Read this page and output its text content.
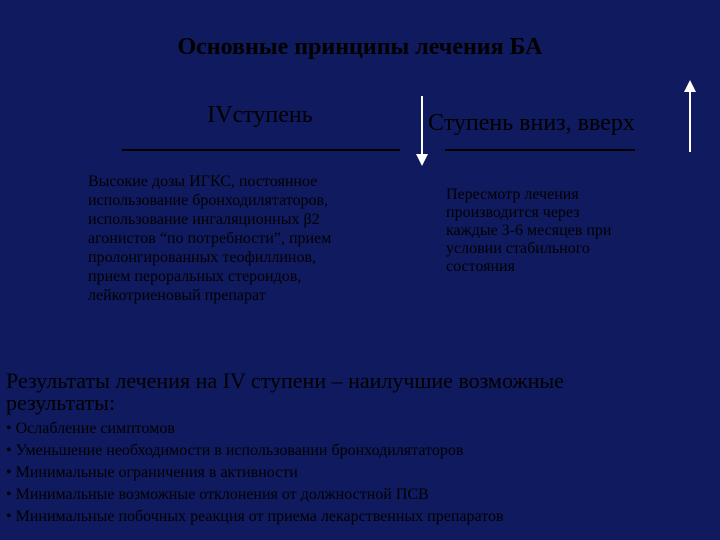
Основные принципы лечения БА
IVступень
Высокие дозы ИГКС, постоянное
использование бронходилятаторов,
использование ингаляционных β2
агонистов “по потребности”, прием
пролонгированных теофиллинов,
прием пероральных стероидов,
лейкотриеновый препарат
Ступень вниз, вверх
Пересмотр лечения
производится через
каждые 3-6 месяцев при
условии стабильного
состояния
Результаты лечения на IV ступени – наилучшие возможные
результаты:
• Ослабление симптомов
• Уменьшение необходимости в использовании бронходилятаторов
• Минимальные ограничения в активности
• Минимальные возможные отклонения от должностной ПСВ
• Минимальные побочных реакция от приема лекарственных препаратов
